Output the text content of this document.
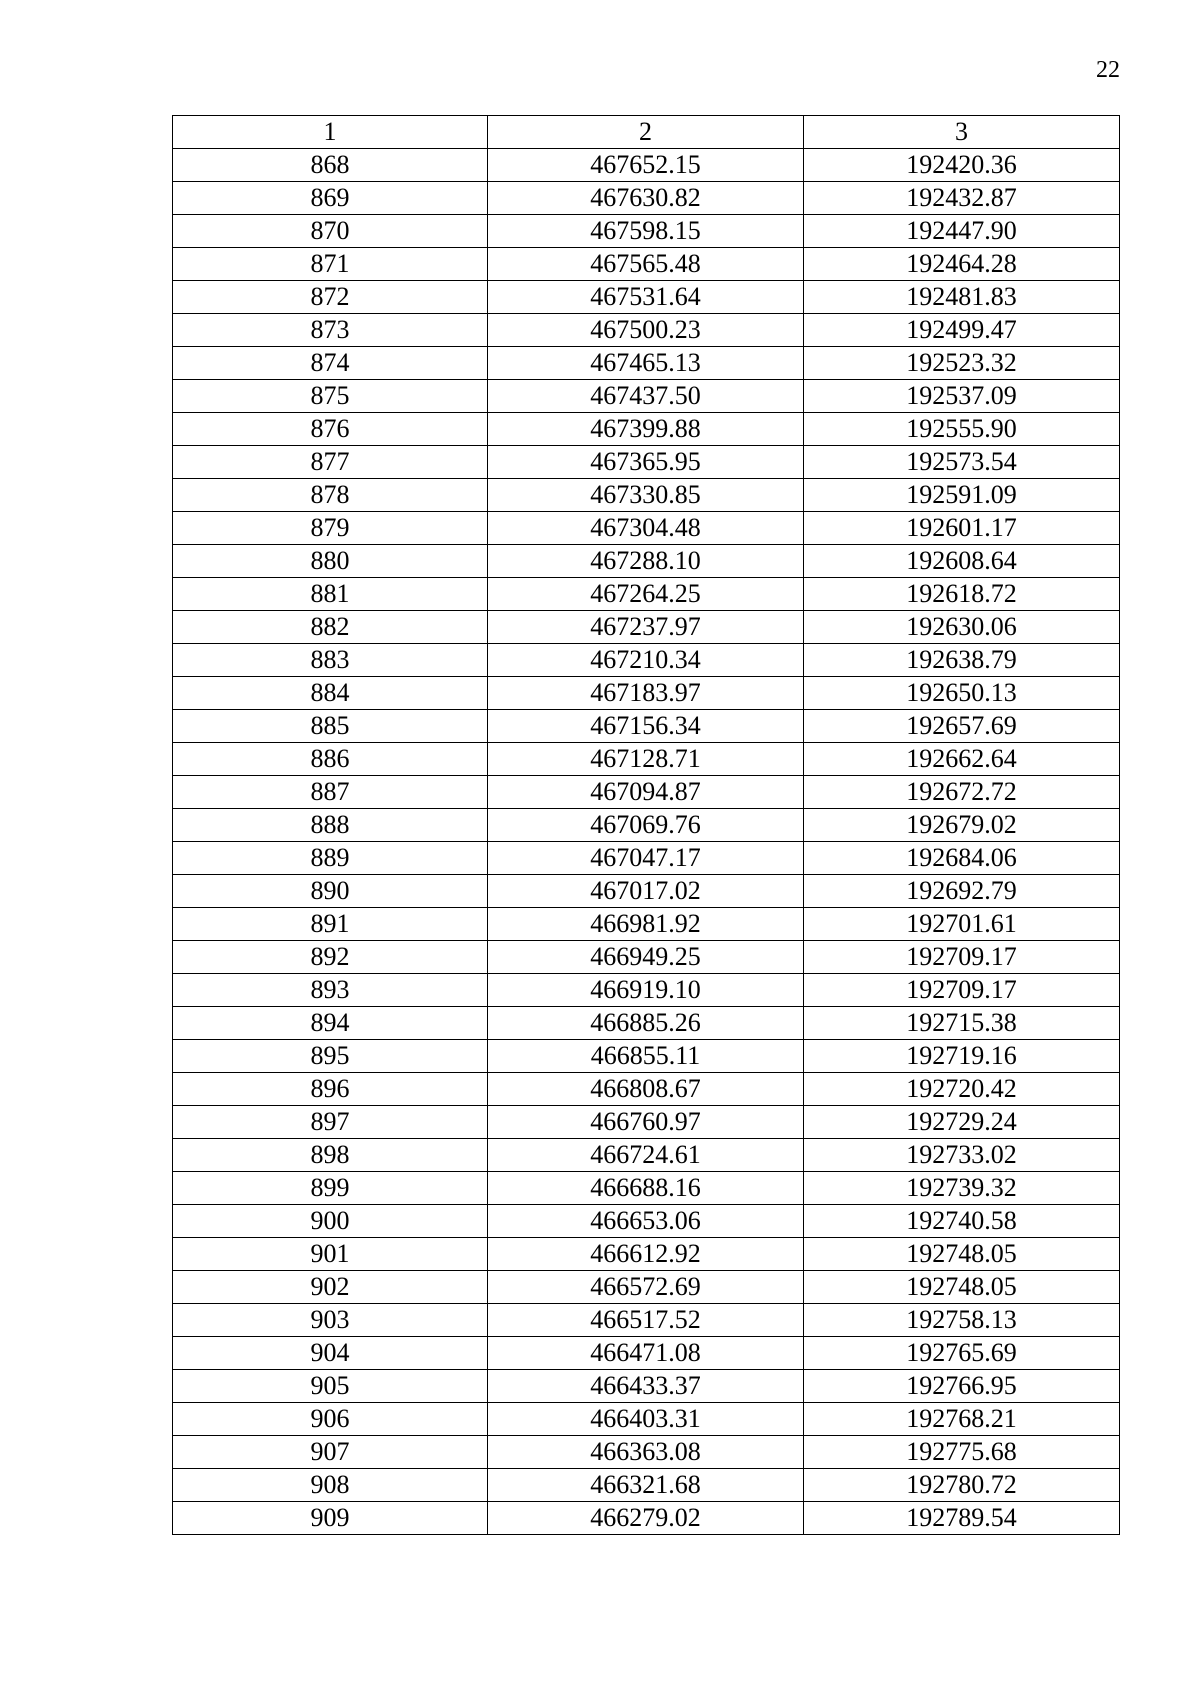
22
1	2	3
868	467652.15	192420.36
869	467630.82	192432.87
870	467598.15	192447.90
871	467565.48	192464.28
872	467531.64	192481.83
873	467500.23	192499.47
874	467465.13	192523.32
875	467437.50	192537.09
876	467399.88	192555.90
877	467365.95	192573.54
878	467330.85	192591.09
879	467304.48	192601.17
880	467288.10	192608.64
881	467264.25	192618.72
882	467237.97	192630.06
883	467210.34	192638.79
884	467183.97	192650.13
885	467156.34	192657.69
886	467128.71	192662.64
887	467094.87	192672.72
888	467069.76	192679.02
889	467047.17	192684.06
890	467017.02	192692.79
891	466981.92	192701.61
892	466949.25	192709.17
893	466919.10	192709.17
894	466885.26	192715.38
895	466855.11	192719.16
896	466808.67	192720.42
897	466760.97	192729.24
898	466724.61	192733.02
899	466688.16	192739.32
900	466653.06	192740.58
901	466612.92	192748.05
902	466572.69	192748.05
903	466517.52	192758.13
904	466471.08	192765.69
905	466433.37	192766.95
906	466403.31	192768.21
907	466363.08	192775.68
908	466321.68	192780.72
909	466279.02	192789.54
